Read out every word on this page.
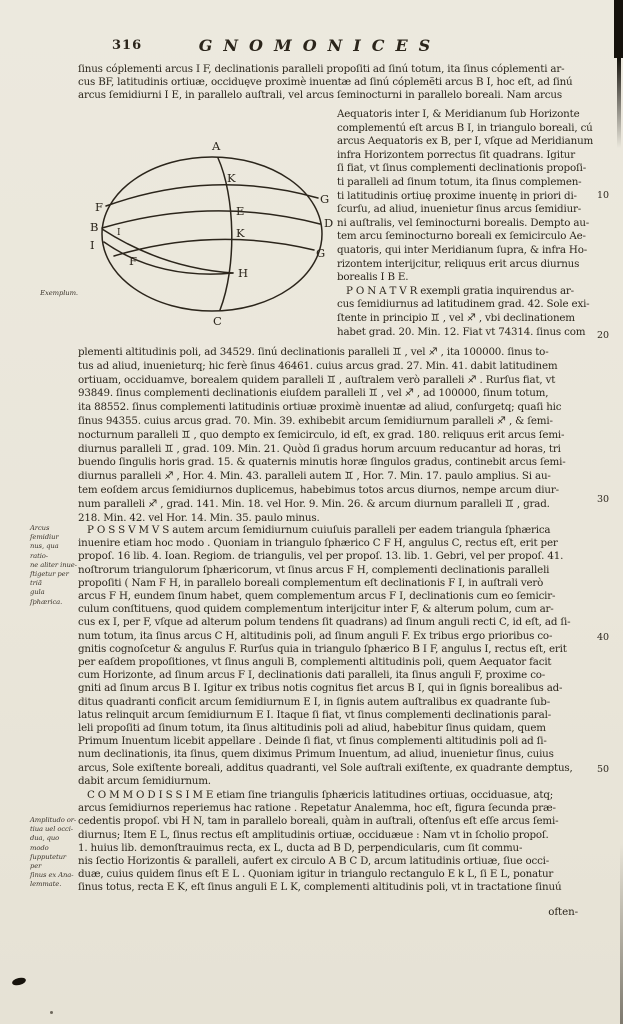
316	GNOMONICES
ſinus cóplementi arcus I F, declinationis paralleli propoſiti ad ſinú totum, ita ſinus cóplementi ar-
cus BF, latitudinis ortiuæ, occiduęve proximè inuentæ ad ſinú cóplemẽti arcus B I, hoc eſt, ad ſinú
arcus ſemidiurni I E, in parallelo auſtrali, vel arcus ſeminocturni in parallelo boreali. Nam arcus
A
K
F
G
E
B	D
I
I
K
G
F
H
C
Aequatoris inter I, & Meridianum ſub Horizonte
complementú eſt arcus B I, in triangulo boreali, cú
arcus Aequatoris ex B, per I, vſque ad Meridianum
infra Horizontem porrectus ſit quadrans. Igitur
ſi fiat, vt ſinus complementi declinationis propoſi-
ti paralleli ad ſinum totum, ita ſinus complemen-
ti latitudinis ortiuę proxime inuentę in priori di-
ſcurſu, ad aliud, inuenietur ſinus arcus ſemidiur-
ni auſtralis, vel ſeminocturni borealis. Dempto au-
tem arcu ſeminocturno boreali ex ſemicirculo Ae-
quatoris, qui inter Meridianum ſupra, & infra Ho-
rizontem interijcitur, reliquus erit arcus diurnus
borealis I B E.
P O N A T V R exempli gratia inquirendus ar-
cus ſemidiurnus ad latitudinem grad. 42. Sole exi-
ſtente in principio ♊ , vel ♐ , vbi declinationem
habet grad. 20. Min. 12. Fiat vt 74314. ſinus com
plementi altitudinis poli, ad 34529. ſinú declinationis paralleli ♊ , vel ♐ , ita 100000. ſinus to-
tus ad aliud, inuenieturq; hic ferè ſinus 46461. cuius arcus grad. 27. Min. 41. dabit latitudinem
ortiuam, occiduamve, borealem quidem paralleli ♊ , auſtralem verò paralleli ♐ . Rurſus fiat, vt
93849. ſinus complementi declinationis eiuſdem paralleli ♊ , vel ♐ , ad 100000, ſinum totum,
ita 88552. ſinus complementi latitudinis ortiuæ proximè inuentæ ad aliud, conſurgetq; quaſi hic
ſinus 94355. cuius arcus grad. 70. Min. 39. exhibebit arcum ſemidiurnum paralleli ♐ , & ſemi-
nocturnum paralleli ♊ , quo dempto ex ſemicirculo, id eſt, ex grad. 180. reliquus erit arcus ſemi-
diurnus paralleli ♊ , grad. 109. Min. 21. Quòd ſi gradus horum arcuum reducantur ad horas, tri
buendo ſingulis horis grad. 15. & quaternis minutis horæ ſingulos gradus, continebit arcus ſemi-
diurnus paralleli ♐ , Hor. 4. Min. 43. paralleli autem ♊ , Hor. 7. Min. 17. paulo amplius. Si au-
tem eoſdem arcus ſemidiurnos duplicemus, habebimus totos arcus diurnos, nempe arcum diur-
num paralleli ♐ , grad. 141. Min. 18. vel Hor. 9. Min. 26. & arcum diurnum paralleli ♊ , grad.
218. Min. 42. vel Hor. 14. Min. 35. paulo minus.
P O S S V M V S autem arcum ſemidiurnum cuiuſuis paralleli per eadem triangula ſphærica
inuenire etiam hoc modo . Quoniam in triangulo ſphærico C F H, angulus C, rectus eſt, erit per
propoſ. 16 lib. 4. Ioan. Regiom. de triangulis, vel per propoſ. 13. lib. 1. Gebri, vel per propoſ. 41.
noſtrorum triangulorum ſphæricorum, vt ſinus arcus F H, complementi declinationis paralleli
propoſiti ( Nam F H, in parallelo boreali complementum eſt declinationis F I, in auſtrali verò
arcus F H, eundem ſinum habet, quem complementum arcus F I, declinationis cum eo ſemicir-
culum conſtituens, quod quidem complementum interijcitur inter F, & alterum polum, cum ar-
cus ex I, per F, vſque ad alterum polum tendens ſit quadrans) ad ſinum anguli recti C, id eſt, ad ſi-
num totum, ita ſinus arcus C H, altitudinis poli, ad ſinum anguli F. Ex tribus ergo prioribus co-
gnitis cognoſcetur & angulus F. Rurſus quia in triangulo ſphærico B I F, angulus I, rectus eſt, erit
per eaſdem propoſitiones, vt ſinus anguli B, complementi altitudinis poli, quem Aequator facit
cum Horizonte, ad ſinum arcus F I, declinationis dati paralleli, ita ſinus anguli F, proxime co-
gniti ad ſinum arcus B I. Igitur ex tribus notis cognitus fiet arcus B I, qui in ſignis borealibus ad-
ditus quadranti conficit arcum ſemidiurnum E I, in ſignis autem auſtralibus ex quadrante ſub-
latus relinquit arcum ſemidiurnum E I. Itaque ſi fiat, vt ſinus complementi declinationis paral-
leli propoſiti ad ſinum totum, ita ſinus altitudinis poli ad aliud, habebitur ſinus quidam, quem
Primum Inuentum licebit appellare . Deinde ſi fiat, vt ſinus complementi altitudinis poli ad ſi-
num declinationis, ita ſinus, quem diximus Primum Inuentum, ad aliud, inuenietur ſinus, cuius
arcus, Sole exiſtente boreali, additus quadranti, vel Sole auſtrali exiſtente, ex quadrante demptus,
dabit arcum ſemidiurnum.
C O M M O D I S S I M E etiam ſine triangulis ſphæricis latitudines ortiuas, occiduasue, atq;
arcus ſemidiurnos reperiemus hac ratione . Repetatur Analemma, hoc eſt, figura ſecunda præ-
cedentis propoſ. vbi H N, tam in parallelo boreali, quàm in auſtrali, oſtenſus eſt eſſe arcus ſemi-
diurnus; Item E L, ſinus rectus eſt amplitudinis ortiuæ, occiduæue : Nam vt in ſcholio propoſ.
1. huius lib. demonſtrauimus recta, ex L, ducta ad B D, perpendicularis, cum ſit commu-
nis ſectio Horizontis & paralleli, aufert ex circulo A B C D, arcum latitudinis ortiuæ, ſiue occi-
duæ, cuius quidem ſinus eſt E L . Quoniam igitur in triangulo rectangulo E k L, ſi E L, ponatur
ſinus totus, recta E K, eſt ſinus anguli E L K, complementi altitudinis poli, vt in tractatione ſinuú
often-
Exemplum.
Arcus ſemidiur
nus, qua ratio-
ne aliter inue-
ſtigetur per triã
gula ſphærica.
Amplitudo or-
tiua uel occi-
dua, quo modo
ſupputetur per
ſinus ex Ana-
lemmate.
10
20
30
40
50
